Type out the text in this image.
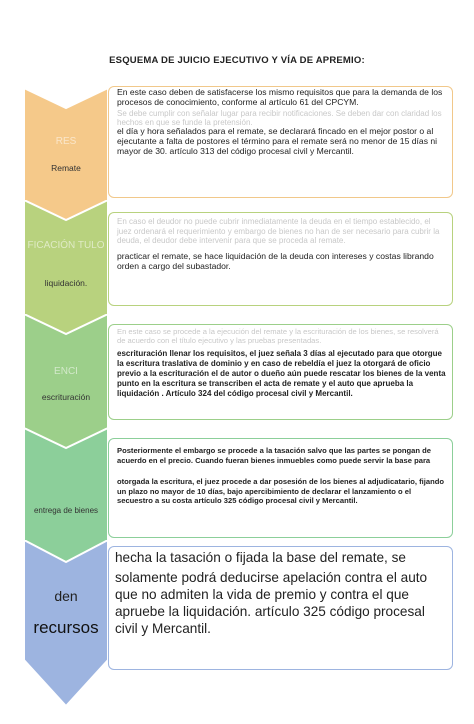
ESQUEMA DE JUICIO EJECUTIVO Y VÍA DE APREMIO:
RES
Remate
FICACIÓN TULO
liquidación.
ENCI
escrituración
entrega de bienes
den
recursos

En este caso deben de satisfacerse los mismo requisitos que para la demanda de los procesos de conocimiento, conforme al artículo 61 del CPCYM.

Se debe cumplir con señalar lugar para recibir notificaciones. Se deben dar con claridad los hechos en que se funde la pretensión.

el día y hora señalados para el remate, se declarará fincado en el mejor postor o al ejecutante a falta de postores el término para el remate será no menor de 15 días ni mayor de 30. artículo 313 del código procesal civil y Mercantil.

En caso el deudor no puede cubrir inmediatamente la deuda en el tiempo establecido, el juez ordenará el requerimiento y embargo de bienes no han de ser necesario para cubrir la deuda, el deudor debe intervenir para que se proceda al remate.

practicar el remate, se hace liquidación de la deuda con intereses y costas librando orden a cargo del subastador.

En este caso se procede a la ejecución del remate y la escrituración de los bienes, se resolverá de acuerdo con el título ejecutivo y las pruebas presentadas.

escrituración llenar los requisitos, el juez señala 3 días al ejecutado para que otorgue la escritura traslativa de dominio y en caso de rebeldía el juez la otorgará de oficio previo a la escrituración el de autor o dueño aún puede rescatar los bienes de la venta punto en la escritura se transcriben el acta de remate y el auto que aprueba la liquidación . Artículo 324 del código procesal civil y Mercantil.

Posteriormente el embargo se procede a la tasación salvo que las partes se pongan de acuerdo en el precio. Cuando fueran bienes inmuebles como puede servir la base para

otorgada la escritura, el juez procede a dar posesión de los bienes al adjudicatario, fijando un plazo no mayor de 10 días, bajo apercibimiento de declarar el lanzamiento o el secuestro a su costa artículo 325 código procesal civil y Mercantil.

hecha la tasación o fijada la base del remate, se

solamente podrá deducirse apelación contra el auto que no admiten la vida de premio y contra el que apruebe la liquidación. artículo 325 código procesal civil y Mercantil.
